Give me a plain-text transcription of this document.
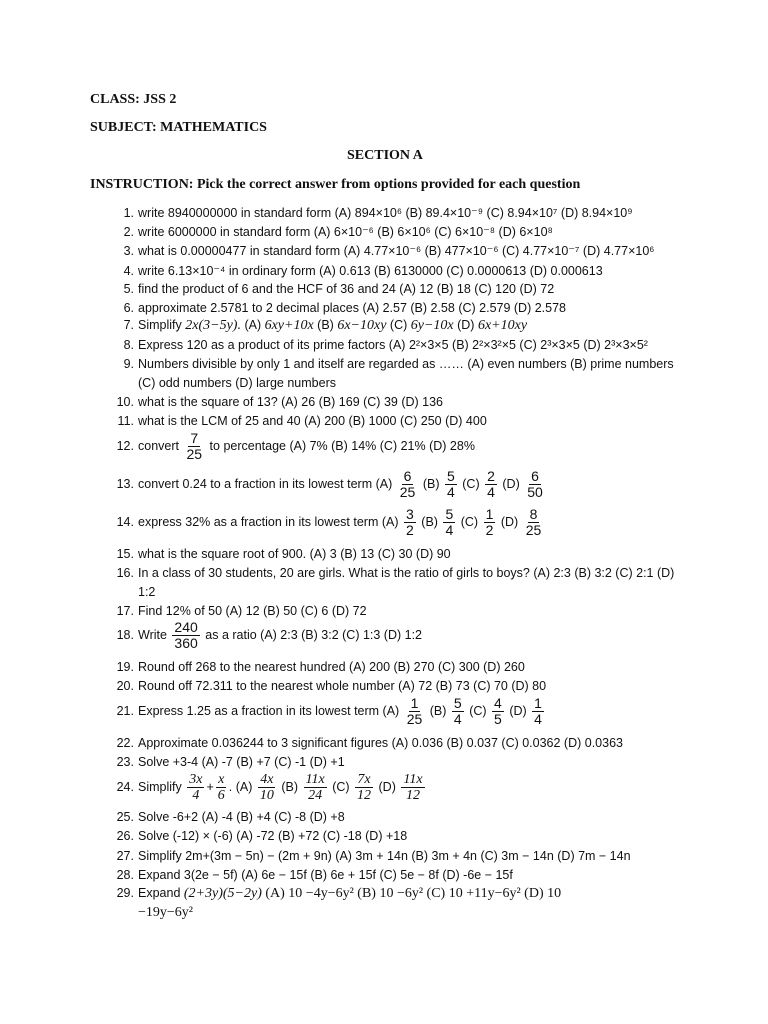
CLASS: JSS 2
SUBJECT: MATHEMATICS
SECTION A
INSTRUCTION: Pick the correct answer from options provided for each question
1. write 8940000000 in standard form (A) 894×10⁶ (B) 89.4×10⁻⁹ (C) 8.94×10⁷ (D) 8.94×10⁹
2. write 6000000 in standard form (A) 6×10⁻⁶ (B) 6×10⁶ (C) 6×10⁻⁸ (D) 6×10⁸
3. what is 0.00000477 in standard form (A) 4.77×10⁻⁶ (B) 477×10⁻⁶ (C) 4.77×10⁻⁷ (D) 4.77×10⁶
4. write 6.13×10⁻⁴ in ordinary form (A) 0.613 (B) 6130000 (C) 0.0000613 (D) 0.000613
5. find the product of 6 and the HCF of 36 and 24 (A) 12 (B) 18 (C) 120 (D) 72
6. approximate 2.5781 to 2 decimal places (A) 2.57 (B) 2.58 (C) 2.579 (D) 2.578
7. Simplify 2x(3−5y). (A) 6xy+10x (B) 6x−10xy (C) 6y−10x (D) 6x+10xy
8. Express 120 as a product of its prime factors (A) 2²×3×5 (B) 2²×3²×5 (C) 2³×3×5 (D) 2³×3×5²
9. Numbers divisible by only 1 and itself are regarded as …… (A) even numbers (B) prime numbers
(C) odd numbers (D) large numbers
10. what is the square of 13? (A) 26 (B) 169 (C) 39 (D) 136
11. what is the LCM of 25 and 40 (A) 200 (B) 1000 (C) 250 (D) 400
12. convert $\frac{7}{25}$ to percentage (A) 7% (B) 14% (C) 21% (D) 28%
13. convert 0.24 to a fraction in its lowest term $(A) \frac{6}{25} (B) \frac{5}{4} (C) \frac{2}{4} (D) \frac{6}{50}$
14. express 32% as a fraction in its lowest term $(A) \frac{3}{2} (B) \frac{5}{4} (C) \frac{1}{2} (D) \frac{8}{25}$
15. what is the square root of 900. (A) 3 (B) 13 (C) 30 (D) 90
16. In a class of 30 students, 20 are girls. What is the ratio of girls to boys? (A) 2:3 (B) 3:2 (C) 2:1 (D)
1:2
17. Find 12% of 50 (A) 12 (B) 50 (C) 6 (D) 72
18. Write $\frac{240}{360}$ as a ratio (A) 2:3 (B) 3:2 (C) 1:3 (D) 1:2
19. Round off 268 to the nearest hundred (A) 200 (B) 270 (C) 300 (D) 260
20. Round off 72.311 to the nearest whole number (A) 72 (B) 73 (C) 70 (D) 80
21. Express 1.25 as a fraction in its lowest term $(A) \frac{1}{25} (B) \frac{5}{4} (C) \frac{4}{5} (D) \frac{1}{4}$
22. Approximate 0.036244 to 3 significant figures (A) 0.036 (B) 0.037 (C) 0.0362 (D) 0.0363
23. Solve +3-4 (A) -7 (B) +7 (C) -1 (D) +1
24. Simplify $\frac{3x}{4} + \frac{x}{6}$ . $(A) \frac{4x}{10} (B) \frac{11x}{24} (C) \frac{7x}{12} (D) \frac{11x}{12}$
25. Solve -6+2 (A) -4 (B) +4 (C) -8 (D) +8
26. Solve (-12) × (-6) (A) -72 (B) +72 (C) -18 (D) +18
27. Simplify 2m+(3m − 5n) − (2m + 9n) (A) 3m + 14n (B) 3m + 4n (C) 3m − 14n (D) 7m − 14n
28. Expand 3(2e − 5f) (A) 6e − 15f (B) 6e + 15f (C) 5e − 8f (D) -6e − 15f
29. Expand (2+3y)(5−2y) (A) 10 −4y−6y² (B) 10 −6y² (C) 10 +11y−6y² (D) 10
−19y−6y²
